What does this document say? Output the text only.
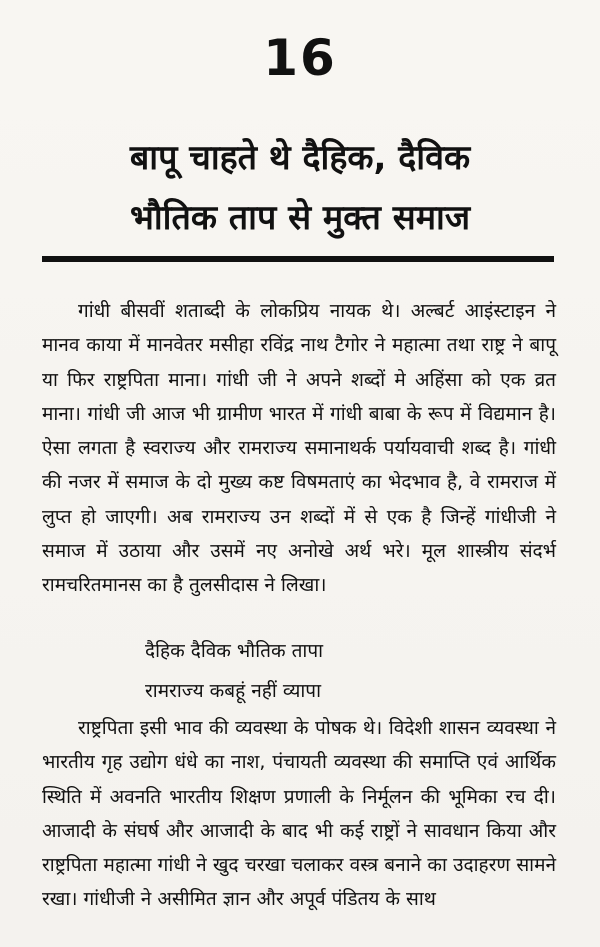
16
बापू चाहते थे दैहिक, दैविक
भौतिक ताप से मुक्त समाज

गांधी बीसवीं शताब्दी के लोकप्रिय नायक थे। अल्बर्ट आइंस्टाइन ने मानव काया में मानवेतर मसीहा रविंद्र नाथ टैगोर ने महात्मा तथा राष्ट्र ने बापू या फिर राष्ट्रपिता माना। गांधी जी ने अपने शब्दों मे अहिंसा को एक व्रत माना। गांधी जी आज भी ग्रामीण भारत में गांधी बाबा के रूप में विद्यमान है। ऐसा लगता है स्वराज्य और रामराज्य समानाथर्क पर्यायवाची शब्द है। गांधी की नजर में समाज के दो मुख्य कष्ट विषमताएं का भेदभाव है, वे रामराज में लुप्त हो जाएगी। अब रामराज्य उन शब्दों में से एक है जिन्हें गांधीजी ने समाज में उठाया और उसमें नए अनोखे अर्थ भरे। मूल शास्त्रीय संदर्भ रामचरितमानस का है तुलसीदास ने लिखा।

दैहिक दैविक भौतिक तापा
रामराज्य कबहूं नहीं व्यापा

राष्ट्रपिता इसी भाव की व्यवस्था के पोषक थे। विदेशी शासन व्यवस्था ने भारतीय गृह उद्योग धंधे का नाश, पंचायती व्यवस्था की समाप्ति एवं आर्थिक स्थिति में अवनति भारतीय शिक्षण प्रणाली के निर्मूलन की भूमिका रच दी। आजादी के संघर्ष और आजादी के बाद भी कई राष्ट्रों ने सावधान किया और राष्ट्रपिता महात्मा गांधी ने खुद चरखा चलाकर वस्त्र बनाने का उदाहरण सामने रखा। गांधीजी ने असीमित ज्ञान और अपूर्व पंडितय के साथ
